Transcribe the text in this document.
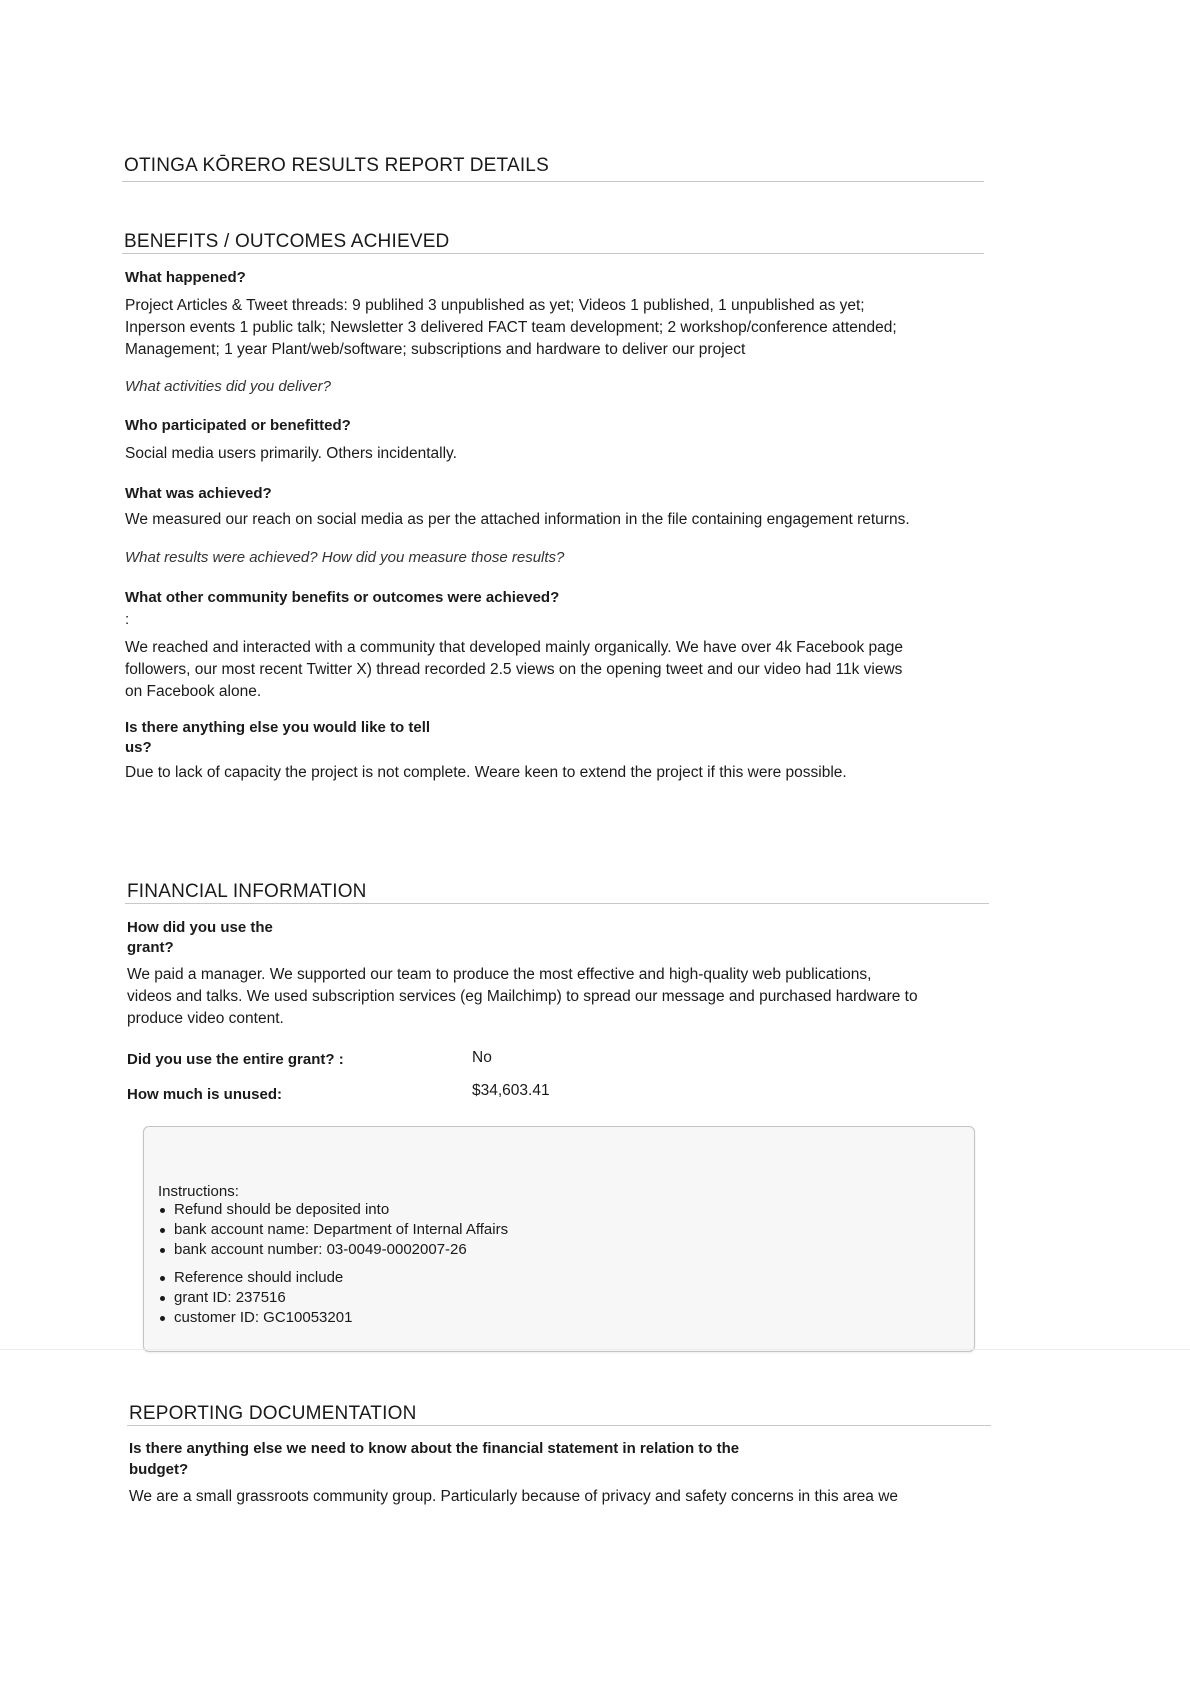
OTINGA KŌRERO RESULTS REPORT DETAILS
BENEFITS / OUTCOMES ACHIEVED
What happened?
Project Articles & Tweet threads: 9 publihed 3 unpublished as yet; Videos 1 published, 1 unpublished as yet;
Inperson events 1 public talk; Newsletter 3 delivered FACT team development; 2 workshop/conference attended;
Management; 1 year Plant/web/software; subscriptions and hardware to deliver our project
What activities did you deliver?
Who participated or benefitted?
Social media users primarily. Others incidentally.
What was achieved?
We measured our reach on social media as per the attached information in the file containing engagement returns.
What results were achieved? How did you measure those results?
What other community benefits or outcomes were achieved?
:
We reached and interacted with a community that developed mainly organically. We have over 4k Facebook page
followers, our most recent Twitter X) thread recorded 2.5 views on the opening tweet and our video had 11k views
on Facebook alone.
Is there anything else you would like to tell
us?
Due to lack of capacity the project is not complete. Weare keen to extend the project if this were possible.
FINANCIAL INFORMATION
How did you use the
grant?
We paid a manager. We supported our team to produce the most effective and high-quality web publications,
videos and talks. We used subscription services (eg Mailchimp) to spread our message and purchased hardware to
produce video content.
Did you use the entire grant? :	No
How much is unused:	$34,603.41
Instructions:
Refund should be deposited into
bank account name: Department of Internal Affairs
bank account number: 03-0049-0002007-26
Reference should include
grant ID: 237516
customer ID: GC10053201
REPORTING DOCUMENTATION
Is there anything else we need to know about the financial statement in relation to the
budget?
We are a small grassroots community group. Particularly because of privacy and safety concerns in this area we
